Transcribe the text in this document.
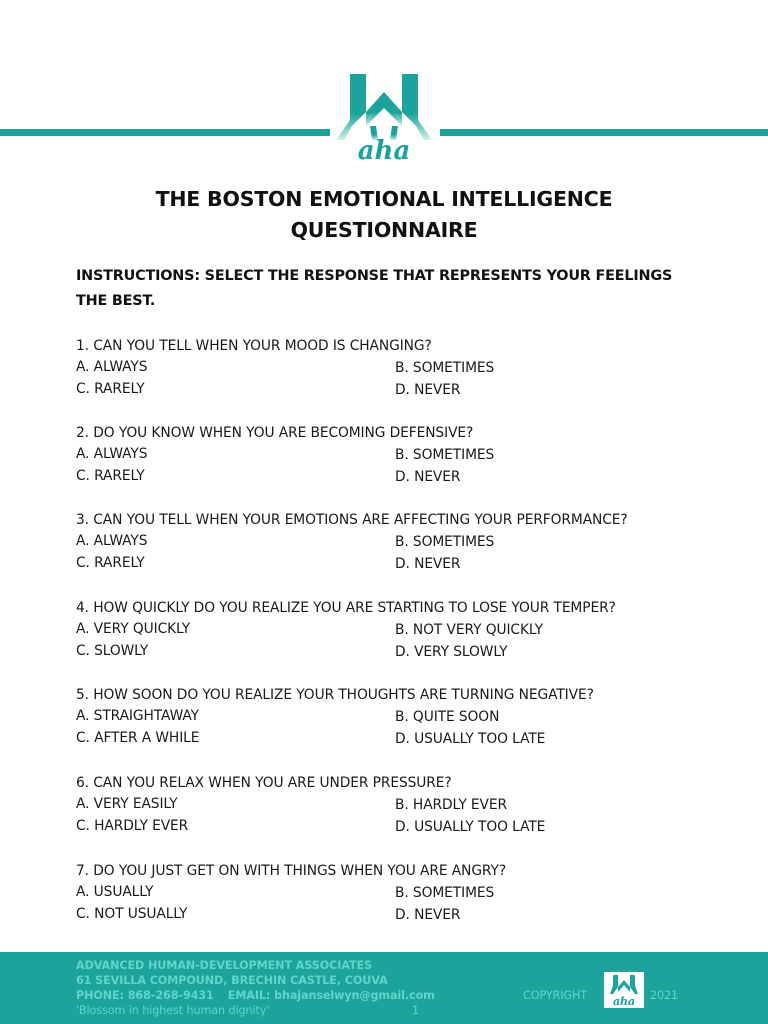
aha
THE BOSTON EMOTIONAL INTELLIGENCE
QUESTIONNAIRE
INSTRUCTIONS: SELECT THE RESPONSE THAT REPRESENTS YOUR FEELINGS THE BEST.
1. CAN YOU TELL WHEN YOUR MOOD IS CHANGING?
A. ALWAYS	B. SOMETIMES
C. RARELY	D. NEVER
2. DO YOU KNOW WHEN YOU ARE BECOMING DEFENSIVE?
A. ALWAYS	B. SOMETIMES
C. RARELY	D. NEVER
3. CAN YOU TELL WHEN YOUR EMOTIONS ARE AFFECTING YOUR PERFORMANCE?
A. ALWAYS	B. SOMETIMES
C. RARELY	D. NEVER
4. HOW QUICKLY DO YOU REALIZE YOU ARE STARTING TO LOSE YOUR TEMPER?
A. VERY QUICKLY	B. NOT VERY QUICKLY
C. SLOWLY	D. VERY SLOWLY
5. HOW SOON DO YOU REALIZE YOUR THOUGHTS ARE TURNING NEGATIVE?
A. STRAIGHTAWAY	B. QUITE SOON
C. AFTER A WHILE	D. USUALLY TOO LATE
6. CAN YOU RELAX WHEN YOU ARE UNDER PRESSURE?
A. VERY EASILY	B. HARDLY EVER
C. HARDLY EVER	D. USUALLY TOO LATE
7. DO YOU JUST GET ON WITH THINGS WHEN YOU ARE ANGRY?
A. USUALLY	B. SOMETIMES
C. NOT USUALLY	D. NEVER
ADVANCED HUMAN-DEVELOPMENT ASSOCIATES
61 SEVILLA COMPOUND, BRECHIN CASTLE, COUVA
PHONE: 868-268-9431 EMAIL: bhajanselwyn@gmail.com
'Blossom in highest human dignity'
COPYRIGHT aha 2021
1
